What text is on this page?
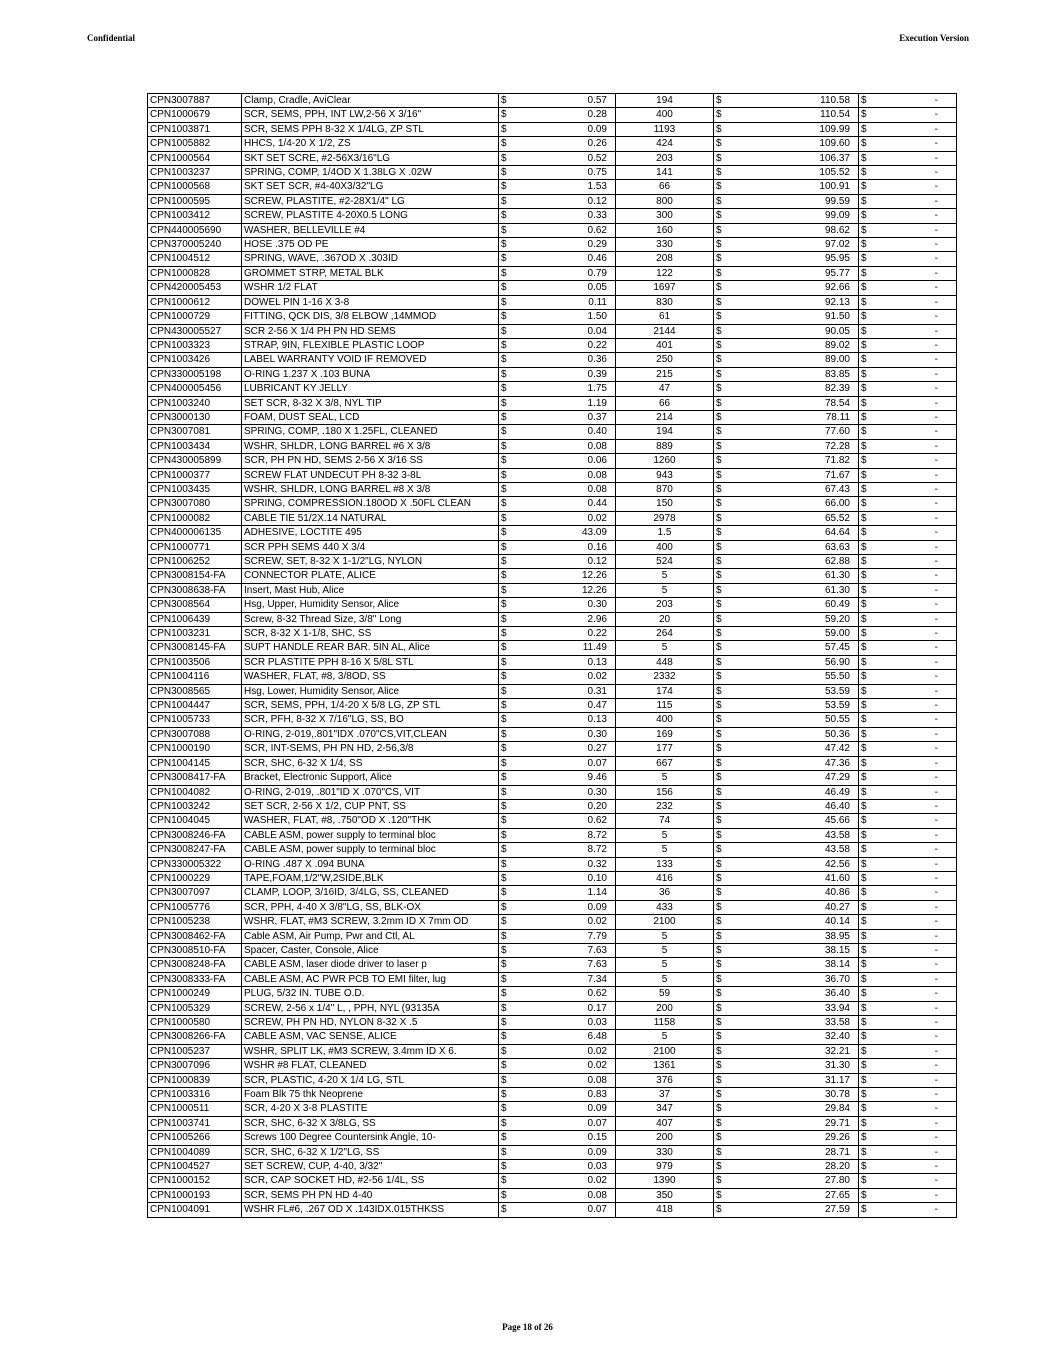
Confidential	Execution Version
CPN3007887	Clamp, Cradle, AviClear	$	0.57	194	$	110.58	$	-
CPN1000679	SCR, SEMS, PPH, INT LW,2-56 X 3/16"	$	0.28	400	$	110.54	$	-
CPN1003871	SCR, SEMS PPH 8-32 X 1/4LG, ZP STL	$	0.09	1193	$	109.99	$	-
CPN1005882	HHCS, 1/4-20 X 1/2, ZS	$	0.26	424	$	109.60	$	-
CPN1000564	SKT SET SCRE, #2-56X3/16"LG	$	0.52	203	$	106.37	$	-
CPN1003237	SPRING, COMP, 1/4OD X 1.38LG X .02W	$	0.75	141	$	105.52	$	-
CPN1000568	SKT SET SCR, #4-40X3/32"LG	$	1.53	66	$	100.91	$	-
CPN1000595	SCREW, PLASTITE, #2-28X1/4" LG	$	0.12	800	$	99.59	$	-
CPN1003412	SCREW, PLASTITE 4-20X0.5 LONG	$	0.33	300	$	99.09	$	-
CPN440005690	WASHER, BELLEVILLE #4	$	0.62	160	$	98.62	$	-
CPN370005240	HOSE .375 OD PE	$	0.29	330	$	97.02	$	-
CPN1004512	SPRING, WAVE, .367OD X .303ID	$	0.46	208	$	95.95	$	-
CPN1000828	GROMMET STRP, METAL BLK	$	0.79	122	$	95.77	$	-
CPN420005453	WSHR 1/2 FLAT	$	0.05	1697	$	92.66	$	-
CPN1000612	DOWEL PIN 1-16 X 3-8	$	0.11	830	$	92.13	$	-
CPN1000729	FITTING, QCK DIS, 3/8 ELBOW ,14MMOD	$	1.50	61	$	91.50	$	-
CPN430005527	SCR 2-56 X 1/4 PH PN HD SEMS	$	0.04	2144	$	90.05	$	-
CPN1003323	STRAP, 9IN, FLEXIBLE PLASTIC LOOP	$	0.22	401	$	89.02	$	-
CPN1003426	LABEL WARRANTY VOID IF REMOVED	$	0.36	250	$	89.00	$	-
CPN330005198	O-RING 1.237 X .103 BUNA	$	0.39	215	$	83.85	$	-
CPN400005456	LUBRICANT KY JELLY	$	1.75	47	$	82.39	$	-
CPN1003240	SET SCR, 8-32 X 3/8, NYL TIP	$	1.19	66	$	78.54	$	-
CPN3000130	FOAM, DUST SEAL, LCD	$	0.37	214	$	78.11	$	-
CPN3007081	SPRING, COMP, .180 X 1.25FL, CLEANED	$	0.40	194	$	77.60	$	-
CPN1003434	WSHR, SHLDR, LONG BARREL #6 X 3/8	$	0.08	889	$	72.28	$	-
CPN430005899	SCR, PH PN HD, SEMS 2-56 X 3/16 SS	$	0.06	1260	$	71.82	$	-
CPN1000377	SCREW FLAT UNDECUT PH 8-32 3-8L	$	0.08	943	$	71.67	$	-
CPN1003435	WSHR, SHLDR, LONG BARREL #8 X 3/8	$	0.08	870	$	67.43	$	-
CPN3007080	SPRING, COMPRESSION.180OD X .50FL CLEAN	$	0.44	150	$	66.00	$	-
CPN1000082	CABLE TIE 51/2X.14 NATURAL	$	0.02	2978	$	65.52	$	-
CPN400006135	ADHESIVE, LOCTITE 495	$	43.09	1.5	$	64.64	$	-
CPN1000771	SCR PPH SEMS 440 X 3/4	$	0.16	400	$	63.63	$	-
CPN1006252	SCREW, SET, 8-32 X 1-1/2"LG, NYLON	$	0.12	524	$	62.88	$	-
CPN3008154-FA	CONNECTOR PLATE, ALICE	$	12.26	5	$	61.30	$	-
CPN3008638-FA	Insert, Mast Hub, Alice	$	12.26	5	$	61.30	$	-
CPN3008564	Hsg, Upper, Humidity Sensor, Alice	$	0.30	203	$	60.49	$	-
CPN1006439	Screw, 8-32 Thread Size, 3/8" Long	$	2.96	20	$	59.20	$	-
CPN1003231	SCR, 8-32 X 1-1/8, SHC, SS	$	0.22	264	$	59.00	$	-
CPN3008145-FA	SUPT HANDLE REAR BAR. 5IN AL, Alice	$	11.49	5	$	57.45	$	-
CPN1003506	SCR PLASTITE PPH 8-16 X 5/8L STL	$	0.13	448	$	56.90	$	-
CPN1004116	WASHER, FLAT, #8, 3/8OD, SS	$	0.02	2332	$	55.50	$	-
CPN3008565	Hsg, Lower, Humidity Sensor, Alice	$	0.31	174	$	53.59	$	-
CPN1004447	SCR, SEMS, PPH, 1/4-20 X 5/8 LG, ZP STL	$	0.47	115	$	53.59	$	-
CPN1005733	SCR, PFH, 8-32 X 7/16"LG, SS, BO	$	0.13	400	$	50.55	$	-
CPN3007088	O-RING, 2-019,.801"IDX .070"CS,VIT,CLEAN	$	0.30	169	$	50.36	$	-
CPN1000190	SCR, INT-SEMS, PH PN HD, 2-56,3/8	$	0.27	177	$	47.42	$	-
CPN1004145	SCR, SHC, 6-32 X 1/4, SS	$	0.07	667	$	47.36	$	-
CPN3008417-FA	Bracket, Electronic Support, Alice	$	9.46	5	$	47.29	$	-
CPN1004082	O-RING, 2-019, .801"ID X .070"CS, VIT	$	0.30	156	$	46.49	$	-
CPN1003242	SET SCR, 2-56 X 1/2, CUP PNT, SS	$	0.20	232	$	46.40	$	-
CPN1004045	WASHER, FLAT, #8, .750"OD X .120"THK	$	0.62	74	$	45.66	$	-
CPN3008246-FA	CABLE ASM, power supply to terminal bloc	$	8.72	5	$	43.58	$	-
CPN3008247-FA	CABLE ASM, power supply to terminal bloc	$	8.72	5	$	43.58	$	-
CPN330005322	O-RING .487 X .094 BUNA	$	0.32	133	$	42.56	$	-
CPN1000229	TAPE,FOAM,1/2"W,2SIDE,BLK	$	0.10	416	$	41.60	$	-
CPN3007097	CLAMP, LOOP, 3/16ID, 3/4LG, SS, CLEANED	$	1.14	36	$	40.86	$	-
CPN1005776	SCR, PPH, 4-40 X 3/8"LG, SS, BLK-OX	$	0.09	433	$	40.27	$	-
CPN1005238	WSHR, FLAT, #M3 SCREW, 3.2mm ID X 7mm OD	$	0.02	2100	$	40.14	$	-
CPN3008462-FA	Cable ASM, Air Pump, Pwr and Ctl, AL	$	7.79	5	$	38.95	$	-
CPN3008510-FA	Spacer, Caster, Console, Alice	$	7.63	5	$	38.15	$	-
CPN3008248-FA	CABLE ASM, laser diode driver to laser p	$	7.63	5	$	38.14	$	-
CPN3008333-FA	CABLE ASM, AC PWR PCB TO EMI filter, lug	$	7.34	5	$	36.70	$	-
CPN1000249	PLUG, 5/32 IN. TUBE O.D.	$	0.62	59	$	36.40	$	-
CPN1005329	SCREW, 2-56 x 1/4" L, , PPH, NYL (93135A	$	0.17	200	$	33.94	$	-
CPN1000580	SCREW, PH PN HD, NYLON 8-32 X .5	$	0.03	1158	$	33.58	$	-
CPN3008266-FA	CABLE ASM, VAC SENSE, ALICE	$	6.48	5	$	32.40	$	-
CPN1005237	WSHR, SPLIT LK, #M3 SCREW, 3.4mm ID X 6.	$	0.02	2100	$	32.21	$	-
CPN3007096	WSHR #8 FLAT, CLEANED	$	0.02	1361	$	31.30	$	-
CPN1000839	SCR, PLASTIC, 4-20 X 1/4 LG, STL	$	0.08	376	$	31.17	$	-
CPN1003316	Foam Blk 75 thk Neoprene	$	0.83	37	$	30.78	$	-
CPN1000511	SCR, 4-20 X 3-8 PLASTITE	$	0.09	347	$	29.84	$	-
CPN1003741	SCR, SHC, 6-32 X 3/8LG, SS	$	0.07	407	$	29.71	$	-
CPN1005266	Screws 100 Degree Countersink Angle, 10-	$	0.15	200	$	29.26	$	-
CPN1004089	SCR, SHC, 6-32 X 1/2"LG, SS	$	0.09	330	$	28.71	$	-
CPN1004527	SET SCREW, CUP, 4-40, 3/32"	$	0.03	979	$	28.20	$	-
CPN1000152	SCR, CAP SOCKET HD, #2-56 1/4L, SS	$	0.02	1390	$	27.80	$	-
CPN1000193	SCR, SEMS PH PN HD 4-40	$	0.08	350	$	27.65	$	-
CPN1004091	WSHR FL#6, .267 OD X .143IDX.015THKSS	$	0.07	418	$	27.59	$	-
Page 18 of 26
